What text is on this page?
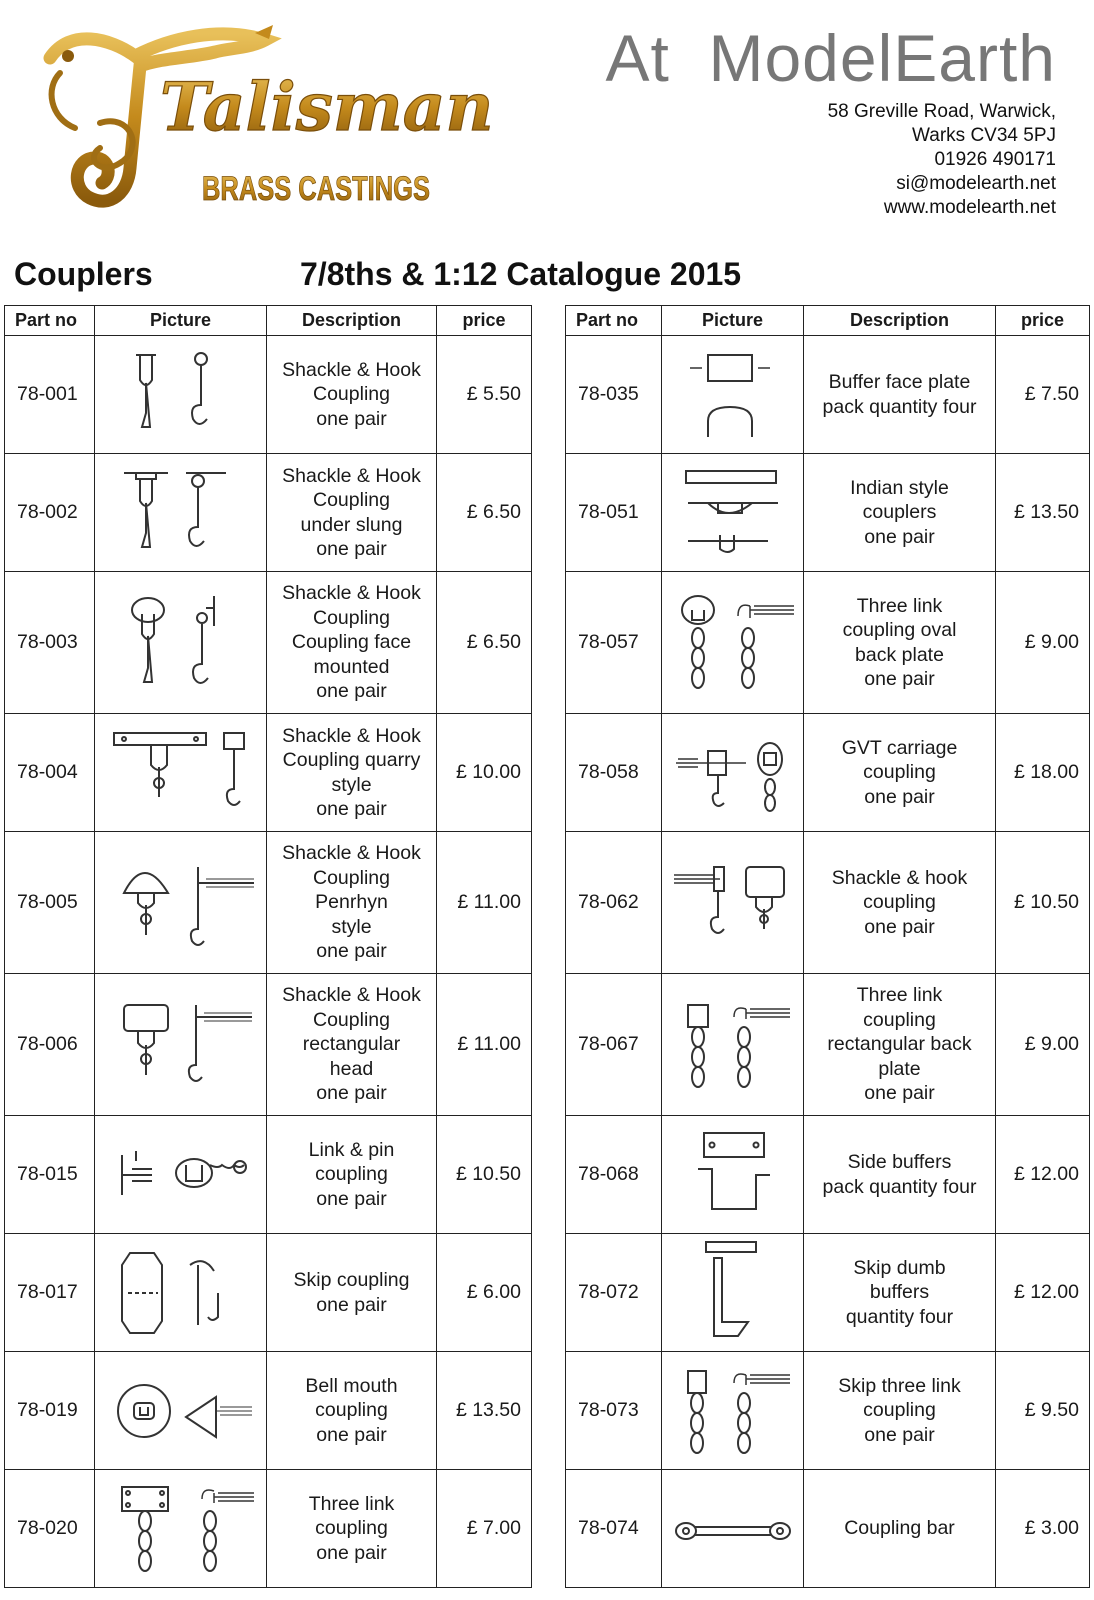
Talisman
BRASS CASTINGS
At  ModelEarth
58 Greville Road, Warwick,
Warks CV34 5PJ
01926 490171
si@modelearth.net
www.modelearth.net
Couplers	7/8ths & 1:12 Catalogue 2015
Part no	Picture	Description	price
78-001		Shackle & Hook
Coupling
one pair	£ 5.50
78-002		Shackle & Hook
Coupling
under slung
one pair	£ 6.50
78-003		Shackle & Hook
Coupling
Coupling face
mounted
one pair	£ 6.50
78-004		Shackle & Hook
Coupling quarry
style
one pair	£ 10.00
78-005		Shackle & Hook
Coupling
Penrhyn
style
one pair	£ 11.00
78-006		Shackle & Hook
Coupling
rectangular
head
one pair	£ 11.00
78-015		Link & pin
coupling
one pair	£ 10.50
78-017		Skip coupling
one pair	£ 6.00
78-019		Bell mouth
coupling
one pair	£ 13.50
78-020		Three link
coupling
one pair	£ 7.00
Part no	Picture	Description	price
78-035		Buffer face plate
pack quantity four	£ 7.50
78-051		Indian style
couplers
one pair	£ 13.50
78-057		Three link
coupling oval
back plate
one pair	£ 9.00
78-058		GVT carriage
coupling
one pair	£ 18.00
78-062		Shackle & hook
coupling
one pair	£ 10.50
78-067		Three link
coupling
rectangular back
plate
one pair	£ 9.00
78-068		Side buffers
pack quantity four	£ 12.00
78-072		Skip dumb
buffers
quantity four	£ 12.00
78-073		Skip three link
coupling
one pair	£ 9.50
78-074		Coupling bar	£ 3.00
